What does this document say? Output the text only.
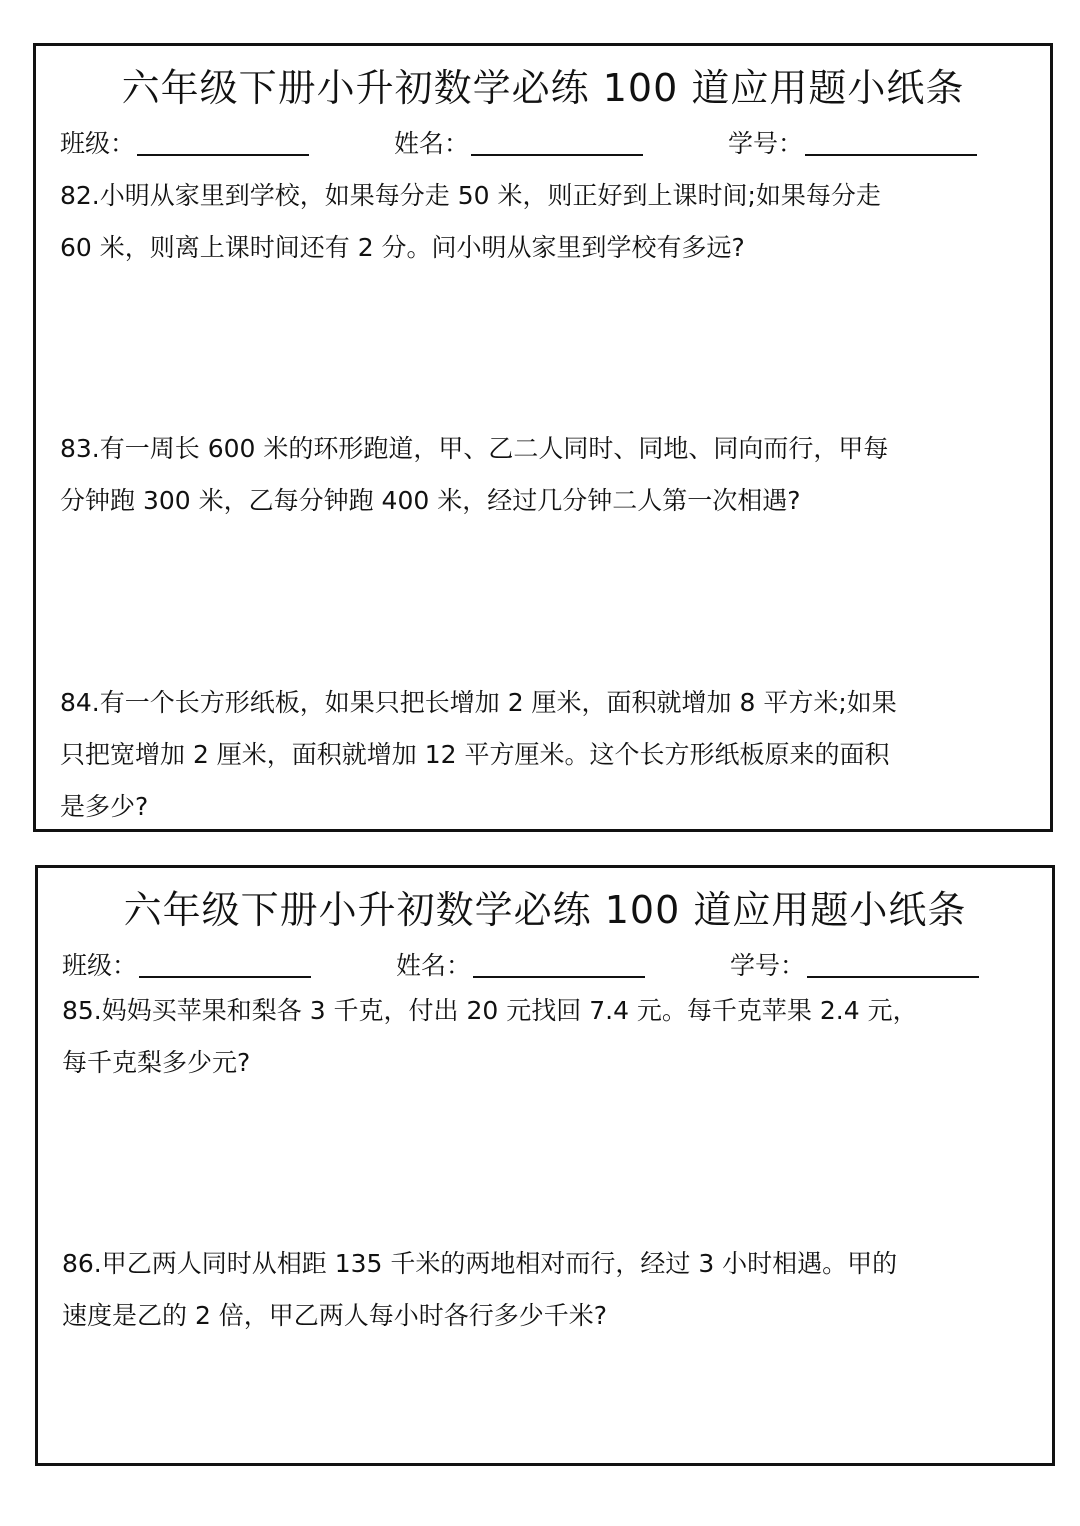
六年级下册小升初数学必练 100 道应用题小纸条
班级：	姓名：	学号：
82.小明从家里到学校，如果每分走 50 米，则正好到上课时间;如果每分走
60 米，则离上课时间还有 2 分。问小明从家里到学校有多远?
83.有一周长 600 米的环形跑道，甲、乙二人同时、同地、同向而行，甲每
分钟跑 300 米，乙每分钟跑 400 米，经过几分钟二人第一次相遇?
84.有一个长方形纸板，如果只把长增加 2 厘米，面积就增加 8 平方米;如果
只把宽增加 2 厘米，面积就增加 12 平方厘米。这个长方形纸板原来的面积
是多少?
六年级下册小升初数学必练 100 道应用题小纸条
班级：	姓名：	学号：
85.妈妈买苹果和梨各 3 千克，付出 20 元找回 7.4 元。每千克苹果 2.4 元，
每千克梨多少元?
86.甲乙两人同时从相距 135 千米的两地相对而行，经过 3 小时相遇。甲的
速度是乙的 2 倍，甲乙两人每小时各行多少千米?
